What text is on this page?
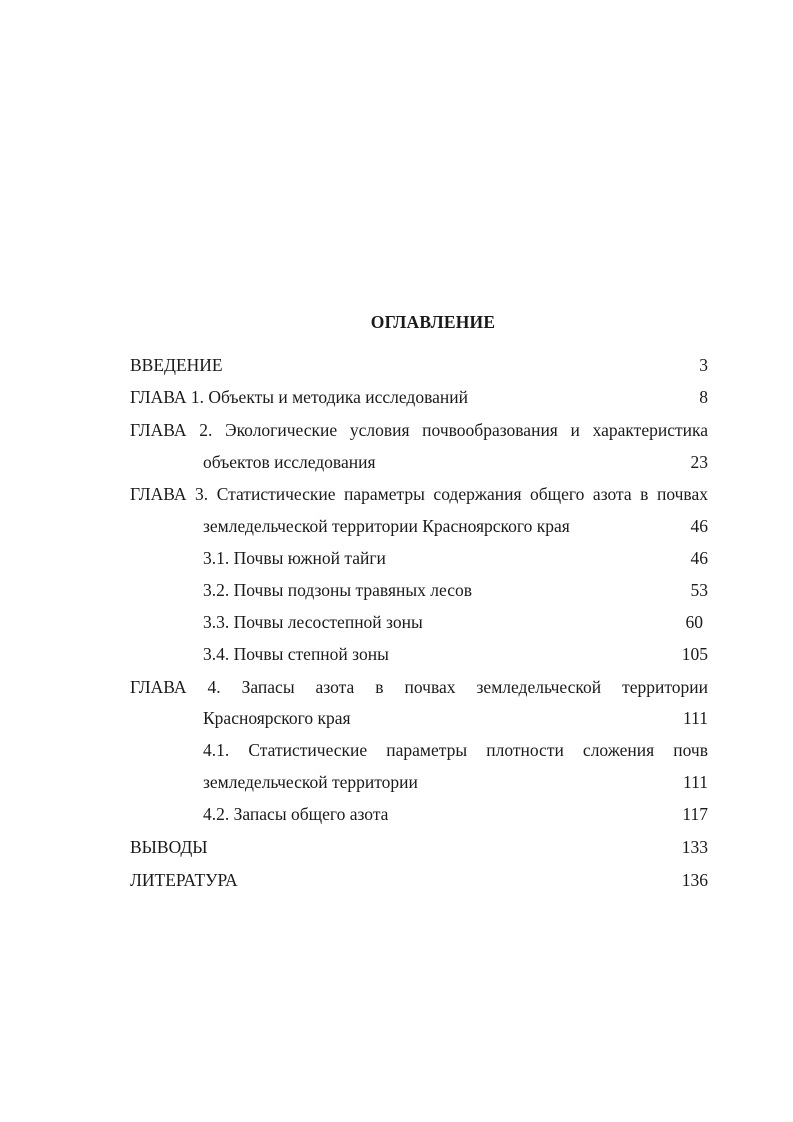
ОГЛАВЛЕНИЕ
ВВЕДЕНИЕ	3
ГЛАВА 1. Объекты и методика исследований	8
ГЛАВА 2. Экологические условия почвообразования и характеристика
объектов исследования	23
ГЛАВА 3. Статистические параметры содержания общего азота в почвах
земледельческой территории Красноярского края	46
3.1. Почвы южной тайги	46
3.2. Почвы подзоны травяных лесов	53
3.3. Почвы лесостепной зоны	60
3.4. Почвы степной зоны	105
ГЛАВА 4. Запасы азота в почвах земледельческой территории
Красноярского края	111
4.1. Статистические параметры плотности сложения почв
земледельческой территории	111
4.2. Запасы общего азота	117
ВЫВОДЫ	133
ЛИТЕРАТУРА	136
